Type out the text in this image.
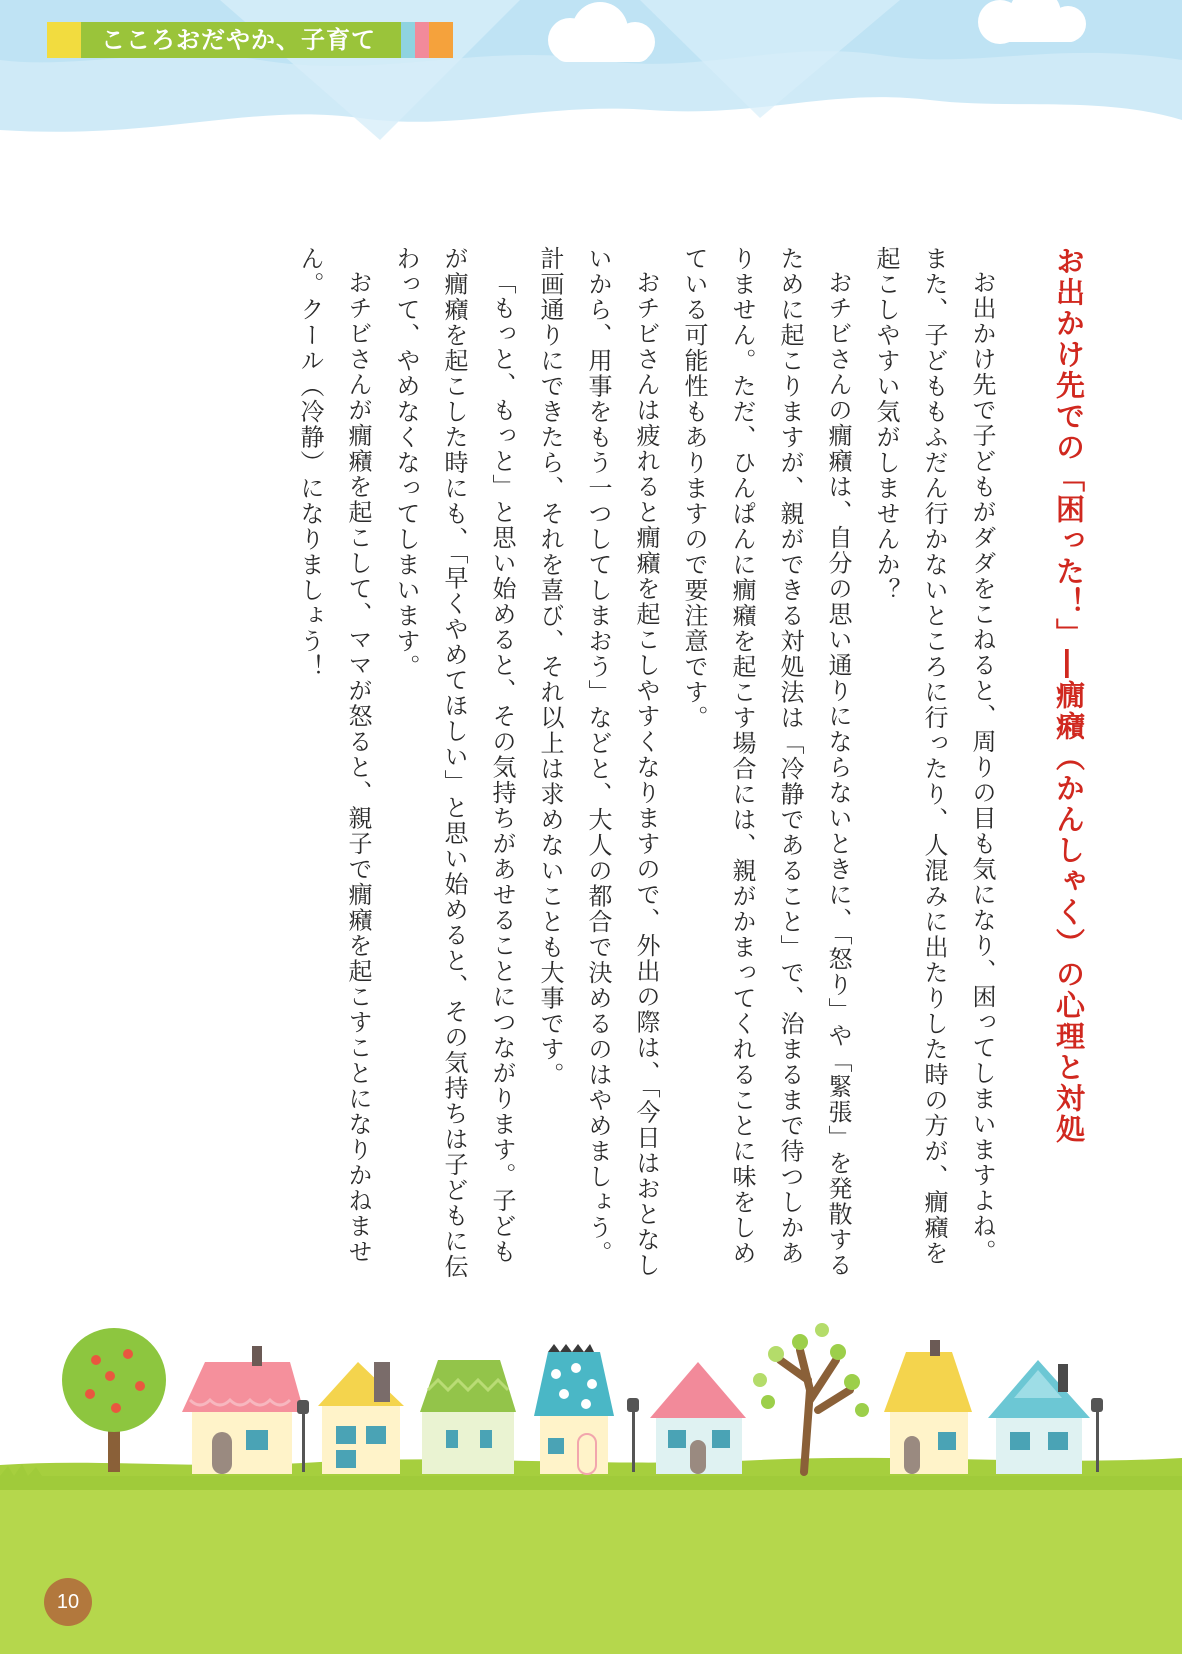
こころおだやか、子育て
お出かけ先での「困った！」―癇癪（かんしゃく）の心理と対処

お出かけ先で子どもがダダをこねると、周りの目も気になり、困ってしまいますよね。また、子どももふだん行かないところに行ったり、人混みに出たりした時の方が、癇癪を起こしやすい気がしませんか？

おチビさんの癇癪は、自分の思い通りにならないときに、「怒り」や「緊張」を発散するために起こりますが、親ができる対処法は「冷静であること」で、治まるまで待つしかありません。ただ、ひんぱんに癇癪を起こす場合には、親がかまってくれることに味をしめている可能性もありますので要注意です。

おチビさんは疲れると癇癪を起こしやすくなりますので、外出の際は、「今日はおとなしいから、用事をもう一つしてしまおう」などと、大人の都合で決めるのはやめましょう。計画通りにできたら、それを喜び、それ以上は求めないことも大事です。

「もっと、もっと」と思い始めると、その気持ちがあせることにつながります。子どもが癇癪を起こした時にも、「早くやめてほしい」と思い始めると、その気持ちは子どもに伝わって、やめなくなってしまいます。

おチビさんが癇癪を起こして、ママが怒ると、親子で癇癪を起こすことになりかねません。クール（冷静）になりましょう！

10
